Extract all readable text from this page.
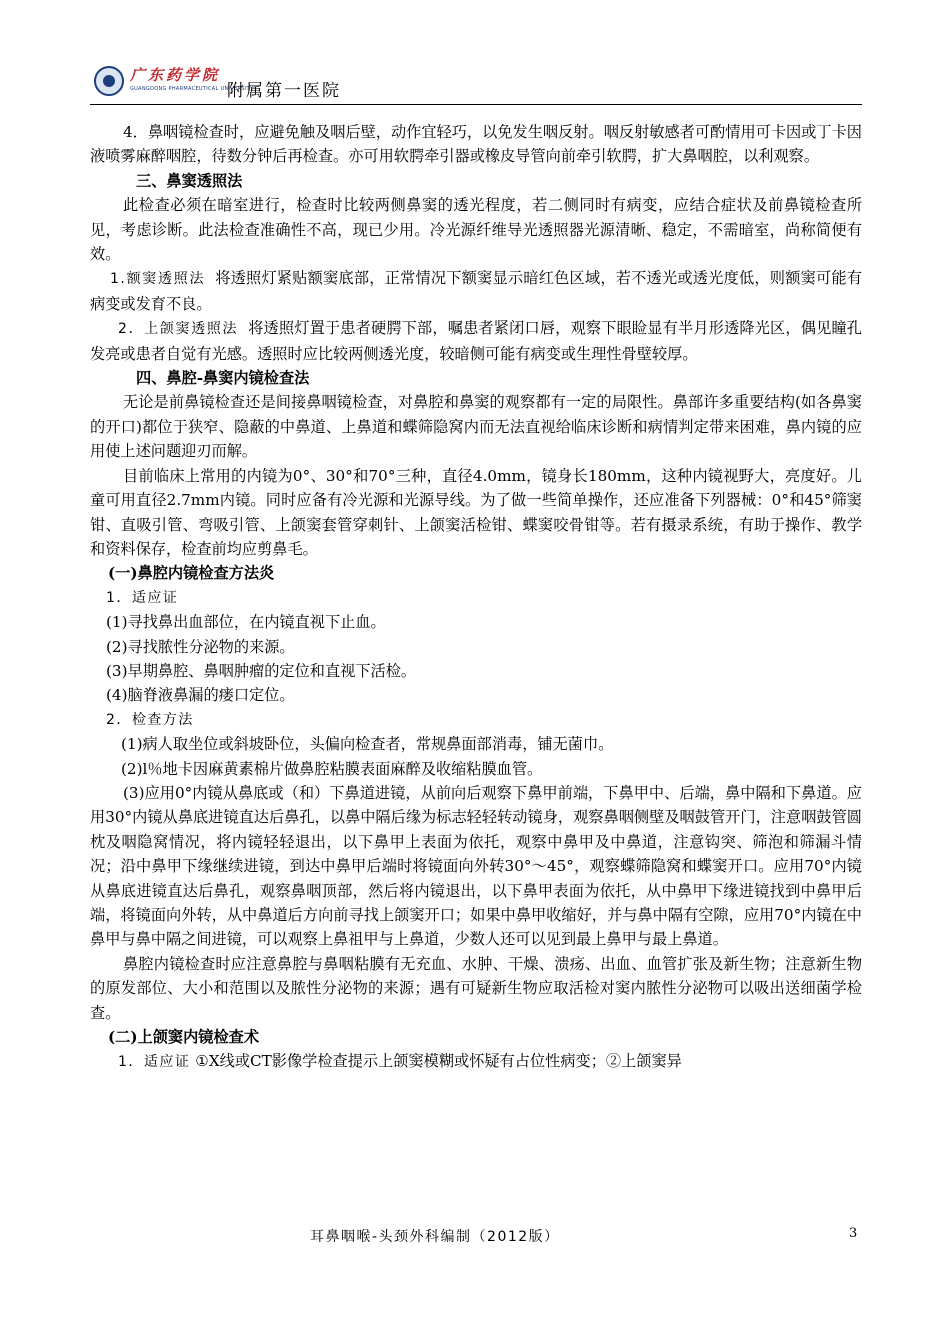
广东药学院
GUANGDONG PHARMACEUTICAL UNIVERSITY
附属第一医院

4．鼻咽镜检查时，应避免触及咽后壁，动作宜轻巧，以免发生咽反射。咽反射敏感者可酌情用可卡因或丁卡因液喷雾麻醉咽腔，待数分钟后再检查。亦可用软腭牵引器或橡皮导管向前牵引软腭，扩大鼻咽腔，以利观察。

三、鼻窦透照法

此检查必须在暗室进行，检查时比较两侧鼻窦的透光程度，若二侧同时有病变，应结合症状及前鼻镜检查所见，考虑诊断。此法检查准确性不高，现已少用。冷光源纤维导光透照器光源清晰、稳定，不需暗室，尚称简便有效。

1.额窦透照法 将透照灯紧贴额窦底部，正常情况下额窦显示暗红色区域，若不透光或透光度低，则额窦可能有病变或发育不良。

2．上颌窦透照法 将透照灯置于患者硬腭下部，嘱患者紧闭口唇，观察下眼睑显有半月形透降光区，偶见瞳孔发亮或患者自觉有光感。透照时应比较两侧透光度，较暗侧可能有病变或生理性骨壁较厚。

四、鼻腔-鼻窦内镜检查法

无论是前鼻镜检查还是间接鼻咽镜检查，对鼻腔和鼻窦的观察都有一定的局限性。鼻部许多重要结构(如各鼻窦的开口)都位于狭窄、隐蔽的中鼻道、上鼻道和蝶筛隐窝内而无法直视给临床诊断和病情判定带来困难，鼻内镜的应用使上述问题迎刃而解。

目前临床上常用的内镜为0°、30°和70°三种，直径4.0mm，镜身长180mm，这种内镜视野大，亮度好。儿童可用直径2.7mm内镜。同时应备有冷光源和光源导线。为了做一些简单操作，还应准备下列器械：0°和45°筛窦钳、直吸引管、弯吸引管、上颌窦套管穿刺针、上颌窦活检钳、蝶窦咬骨钳等。若有摄录系统，有助于操作、教学和资料保存，检查前均应剪鼻毛。

(一)鼻腔内镜检查方法炎

1．适应证

(1)寻找鼻出血部位，在内镜直视下止血。

(2)寻找脓性分泌物的来源。

(3)早期鼻腔、鼻咽肿瘤的定位和直视下活检。

(4)脑脊液鼻漏的瘘口定位。

2．检查方法

(1)病人取坐位或斜坡卧位，头偏向检查者，常规鼻面部消毒，铺无菌巾。

(2)l％地卡因麻黄素棉片做鼻腔粘膜表面麻醉及收缩粘膜血管。

(3)应用0°内镜从鼻底或（和）下鼻道进镜，从前向后观察下鼻甲前端，下鼻甲中、后端，鼻中隔和下鼻道。应用30°内镜从鼻底进镜直达后鼻孔，以鼻中隔后缘为标志轻轻转动镜身，观察鼻咽侧壁及咽鼓管开门，注意咽鼓管圆枕及咽隐窝情况，将内镜轻轻退出，以下鼻甲上表面为依托，观察中鼻甲及中鼻道，注意钩突、筛泡和筛漏斗情况；沿中鼻甲下缘继续进镜，到达中鼻甲后端时将镜面向外转30°～45°，观察蝶筛隐窝和蝶窦开口。应用70°内镜从鼻底进镜直达后鼻孔，观察鼻咽顶部，然后将内镜退出，以下鼻甲表面为依托，从中鼻甲下缘进镜找到中鼻甲后端，将镜面向外转，从中鼻道后方向前寻找上颌窦开口；如果中鼻甲收缩好，并与鼻中隔有空隙，应用70°内镜在中鼻甲与鼻中隔之间进镜，可以观察上鼻祖甲与上鼻道，少数人还可以见到最上鼻甲与最上鼻道。

鼻腔内镜检查时应注意鼻腔与鼻咽粘膜有无充血、水肿、干燥、溃疡、出血、血管扩张及新生物；注意新生物的原发部位、大小和范围以及脓性分泌物的来源；遇有可疑新生物应取活检对窦内脓性分泌物可以吸出送细菌学检查。

(二)上颌窦内镜检查术

1．适应证 ①X线或CT影像学检查提示上颌窦模糊或怀疑有占位性病变；②上颌窦异

耳鼻咽喉-头颈外科编制（2012版）	3
